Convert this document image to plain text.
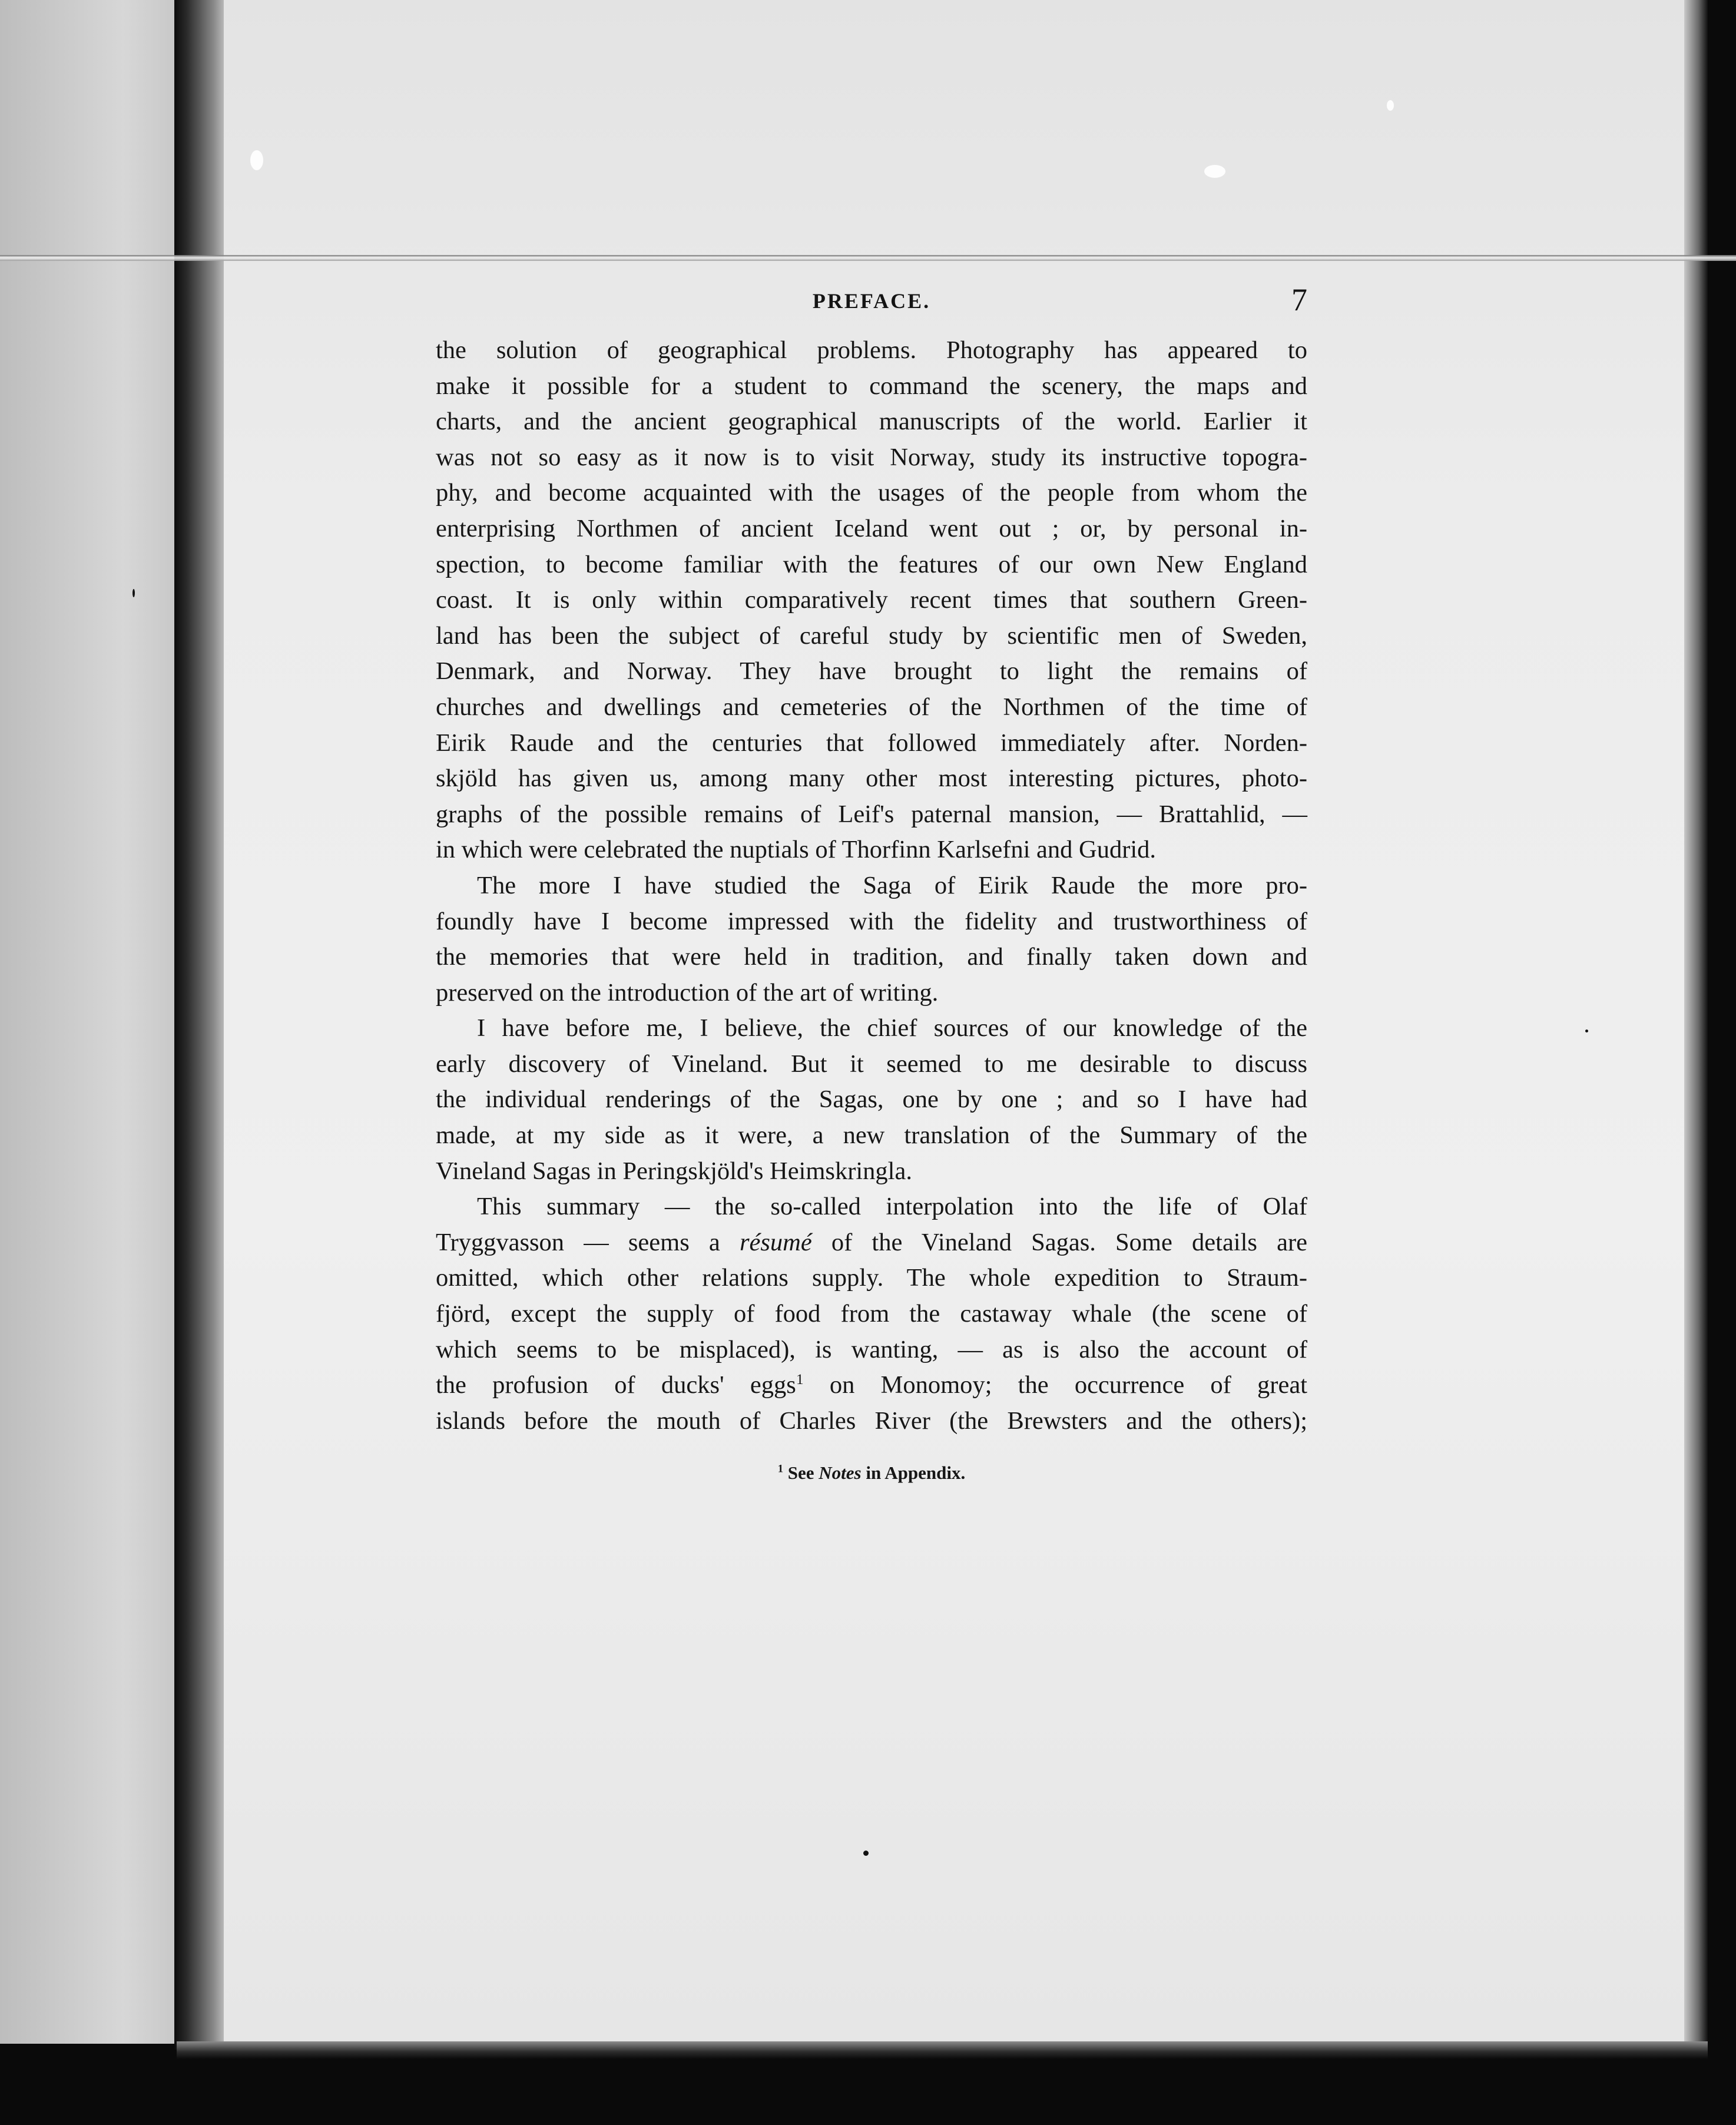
PREFACE.	7
the solution of geographical problems. Photography has appeared to
make it possible for a student to command the scenery, the maps and
charts, and the ancient geographical manuscripts of the world. Earlier it
was not so easy as it now is to visit Norway, study its instructive topogra-
phy, and become acquainted with the usages of the people from whom the
enterprising Northmen of ancient Iceland went out ; or, by personal in-
spection, to become familiar with the features of our own New England
coast. It is only within comparatively recent times that southern Green-
land has been the subject of careful study by scientific men of Sweden,
Denmark, and Norway. They have brought to light the remains of
churches and dwellings and cemeteries of the Northmen of the time of
Eirik Raude and the centuries that followed immediately after. Norden-
skjöld has given us, among many other most interesting pictures, photo-
graphs of the possible remains of Leif's paternal mansion, — Brattahlid, —
in which were celebrated the nuptials of Thorfinn Karlsefni and Gudrid.
The more I have studied the Saga of Eirik Raude the more pro-
foundly have I become impressed with the fidelity and trustworthiness of
the memories that were held in tradition, and finally taken down and
preserved on the introduction of the art of writing.
I have before me, I believe, the chief sources of our knowledge of the
early discovery of Vineland. But it seemed to me desirable to discuss
the individual renderings of the Sagas, one by one ; and so I have had
made, at my side as it were, a new translation of the Summary of the
Vineland Sagas in Peringskjöld's Heimskringla.
This summary — the so-called interpolation into the life of Olaf
Tryggvasson — seems a résumé of the Vineland Sagas. Some details are
omitted, which other relations supply. The whole expedition to Straum-
fjörd, except the supply of food from the castaway whale (the scene of
which seems to be misplaced), is wanting, — as is also the account of
the profusion of ducks' eggs$^1$ on Monomoy; the occurrence of great
islands before the mouth of Charles River (the Brewsters and the others);
$^1$ See Notes in Appendix.
